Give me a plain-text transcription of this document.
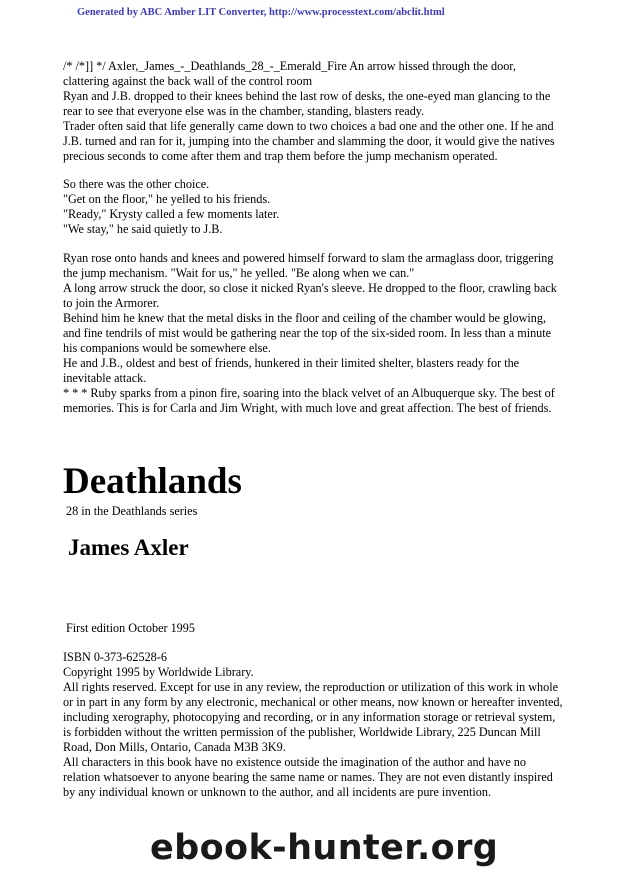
Generated by ABC Amber LIT Converter, http://www.processtext.com/abclit.html

/* /*]] */ Axler,_James_-_Deathlands_28_-_Emerald_Fire An arrow hissed through the door, clattering against the back wall of the control room

Ryan and J.B. dropped to their knees behind the last row of desks, the one-eyed man glancing to the rear to see that everyone else was in the chamber, standing, blasters ready.

Trader often said that life generally came down to two choices a bad one and the other one. If he and J.B. turned and ran for it, jumping into the chamber and slamming the door, it would give the natives precious seconds to come after them and trap them before the jump mechanism operated.

So there was the other choice.

"Get on the floor," he yelled to his friends.

"Ready," Krysty called a few moments later.

"We stay," he said quietly to J.B.

Ryan rose onto hands and knees and powered himself forward to slam the armaglass door, triggering the jump mechanism. "Wait for us," he yelled. "Be along when we can."

A long arrow struck the door, so close it nicked Ryan's sleeve. He dropped to the floor, crawling back to join the Armorer.

Behind him he knew that the metal disks in the floor and ceiling of the chamber would be glowing, and fine tendrils of mist would be gathering near the top of the six-sided room. In less than a minute his companions would be somewhere else.

He and J.B., oldest and best of friends, hunkered in their limited shelter, blasters ready for the inevitable attack.

* * * Ruby sparks from a pinon fire, soaring into the black velvet of an Albuquerque sky. The best of memories. This is for Carla and Jim Wright, with much love and great affection. The best of friends.

Deathlands
28 in the Deathlands series
James Axler
First edition October 1995

ISBN 0-373-62528-6

Copyright 1995 by Worldwide Library.

All rights reserved. Except for use in any review, the reproduction or utilization of this work in whole or in part in any form by any electronic, mechanical or other means, now known or hereafter invented, including xerography, photocopying and recording, or in any information storage or retrieval system, is forbidden without the written permission of the publisher, Worldwide Library, 225 Duncan Mill Road, Don Mills, Ontario, Canada M3B 3K9.

All characters in this book have no existence outside the imagination of the author and have no relation whatsoever to anyone bearing the same name or names. They are not even distantly inspired by any individual known or unknown to the author, and all incidents are pure invention.

ebook-hunter.org
